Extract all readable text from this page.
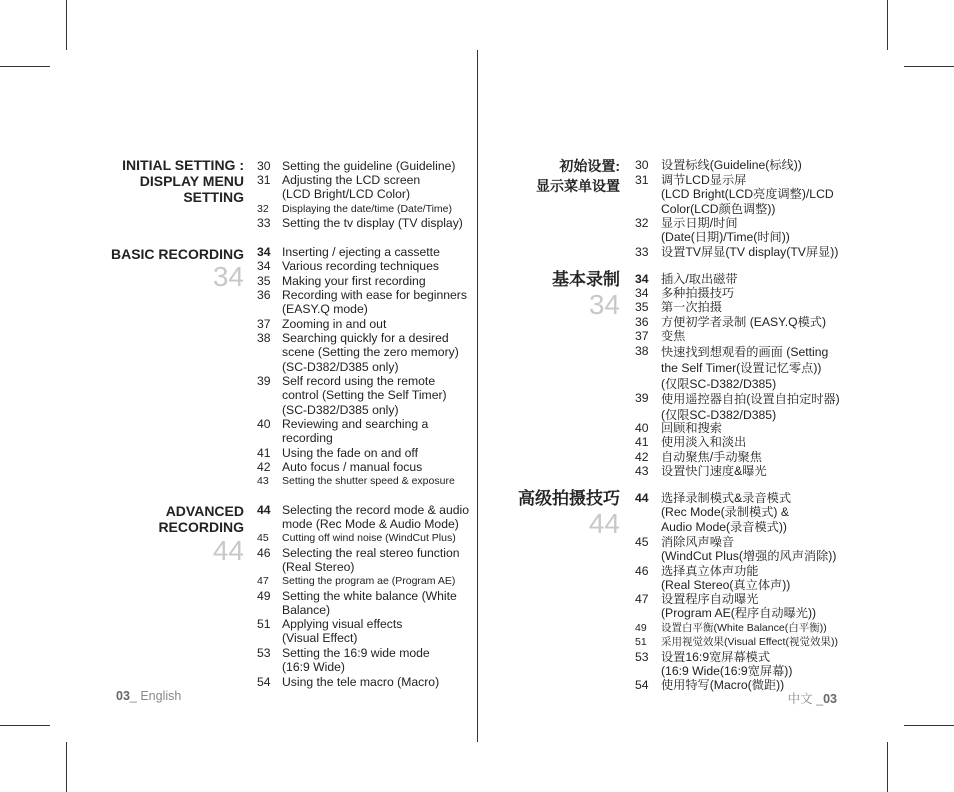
INITIAL SETTING :
DISPLAY MENU
SETTING
BASIC RECORDING
34
ADVANCED
RECORDING
44
30 Setting the guideline (Guideline)
31 Adjusting the LCD screen
(LCD Bright/LCD Color)
32 Displaying the date/time (Date/Time)
33 Setting the tv display (TV display)
34 Inserting / ejecting a cassette
34 Various recording techniques
35 Making your first recording
36 Recording with ease for beginners
(EASY.Q mode)
37 Zooming in and out
38 Searching quickly for a desired
scene (Setting the zero memory)
(SC-D382/D385 only)
39 Self record using the remote
control (Setting the Self Timer)
(SC-D382/D385 only)
40 Reviewing and searching a
recording
41 Using the fade on and off
42 Auto focus / manual focus
43 Setting the shutter speed & exposure
44 Selecting the record mode & audio
mode (Rec Mode & Audio Mode)
45 Cutting off wind noise (WindCut Plus)
46 Selecting the real stereo function
(Real Stereo)
47 Setting the program ae (Program AE)
49 Setting the white balance (White
Balance)
51 Applying visual effects
(Visual Effect)
53 Setting the 16:9 wide mode
(16:9 Wide)
54 Using the tele macro (Macro)
03_ English
初始设置:
显示菜单设置
基本录制
34
高级拍摄技巧
44
30 设置标线(Guideline(标线))
31 调节LCD显示屏
(LCD Bright(LCD亮度调整)/LCD
Color(LCD颜色调整))
32 显示日期/时间
(Date(日期)/Time(时间))
33 设置TV屏显(TV display(TV屏显))
34 插入/取出磁带
34 多种拍摄技巧
35 第一次拍摄
36 方便初学者录制 (EASY.Q模式)
37 变焦
38 快速找到想观看的画面 (Setting
the Self Timer(设置记忆零点))
(仅限SC-D382/D385)
39 使用遥控器自拍(设置自拍定时器)
(仅限SC-D382/D385)
40 回顾和搜索
41 使用淡入和淡出
42 自动聚焦/手动聚焦
43 设置快门速度&曝光
44 选择录制模式&录音模式
(Rec Mode(录制模式) &
Audio Mode(录音模式))
45 消除风声噪音
(WindCut Plus(增强的风声消除))
46 选择真立体声功能
(Real Stereo(真立体声))
47 设置程序自动曝光
(Program AE(程序自动曝光))
49 设置白平衡(White Balance(白平衡))
51 采用视觉效果(Visual Effect(视觉效果))
53 设置16:9宽屏幕模式
(16:9 Wide(16:9宽屏幕))
54 使用特写(Macro(微距))
中文 _03
